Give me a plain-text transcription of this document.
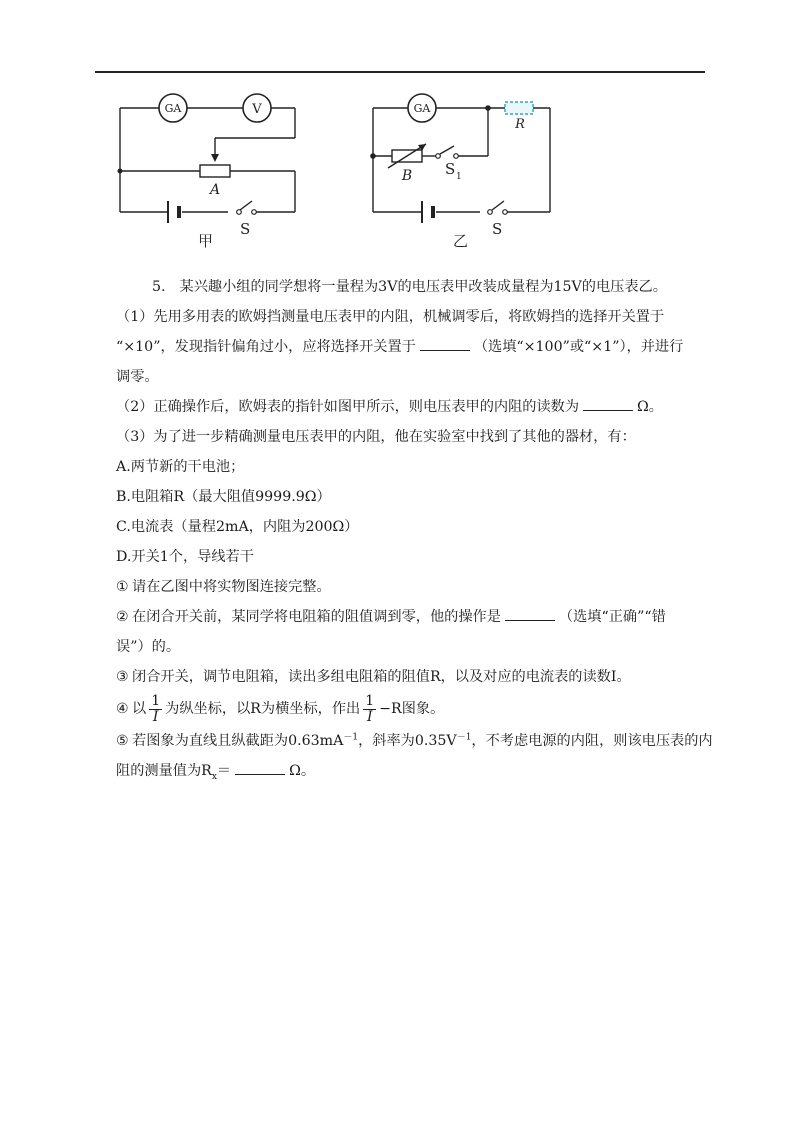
GA	V	GA
A
S
甲
R
B S 1
S
乙
5. 某兴趣小组的同学想将一量程为3V的电压表甲改装成量程为15V的电压表乙。
（1）先用多用表的欧姆挡测量电压表甲的内阻，机械调零后，将欧姆挡的选择开关置于
“×10”，发现指针偏角过小，应将选择开关置于	（选填“×100”或“×1”），并进行
调零。
（2）正确操作后，欧姆表的指针如图甲所示，则电压表甲的内阻的读数为	Ω。
（3）为了进一步精确测量电压表甲的内阻，他在实验室中找到了其他的器材，有：
A.两节新的干电池；
B.电阻箱R（最大阻值9999.9Ω）
C.电流表（量程2mA，内阻为200Ω）
D.开关1个，导线若干
① 请在乙图中将实物图连接完整。
② 在闭合开关前，某同学将电阻箱的阻值调到零，他的操作是	（选填“正确”“错
误”）的。
③ 闭合开关，调节电阻箱，读出多组电阻箱的阻值R，以及对应的电流表的读数I。
④ 以 $\frac{1}{I}$ 为纵坐标，以R为横坐标，作出 $\frac{1}{I} -R$图象。
⑤ 若图象为直线且纵截距为$0.63mA^{-1}$，斜率为$0.35V^{-1}$，不考虑电源的内阻，则该电压表的内
阻的测量值为$R_x=$	Ω。
